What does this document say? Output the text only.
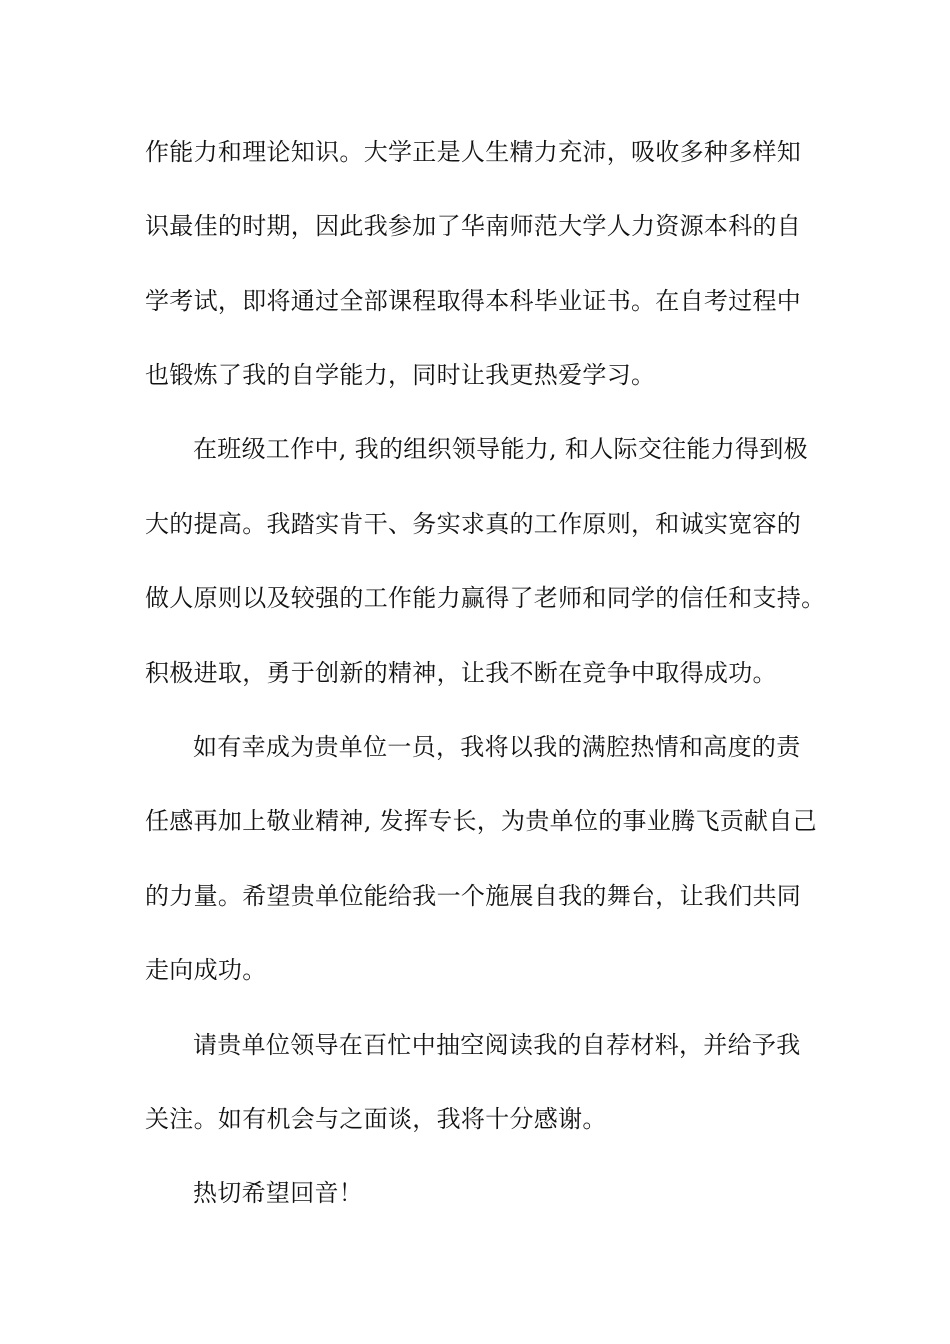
作能力和理论知识。大学正是人生精力充沛，吸收多种多样知
识最佳的时期，因此我参加了华南师范大学人力资源本科的自
学考试，即将通过全部课程取得本科毕业证书。在自考过程中
也锻炼了我的自学能力，同时让我更热爱学习。
在班级工作中, 我的组织领导能力, 和人际交往能力得到极
大的提高。我踏实肯干、务实求真的工作原则，和诚实宽容的
做人原则以及较强的工作能力赢得了老师和同学的信任和支持。
积极进取，勇于创新的精神，让我不断在竞争中取得成功。
如有幸成为贵单位一员，我将以我的满腔热情和高度的责
任感再加上敬业精神, 发挥专长，为贵单位的事业腾飞贡献自己
的力量。希望贵单位能给我一个施展自我的舞台，让我们共同
走向成功。
请贵单位领导在百忙中抽空阅读我的自荐材料，并给予我
关注。如有机会与之面谈，我将十分感谢。
热切希望回音！
